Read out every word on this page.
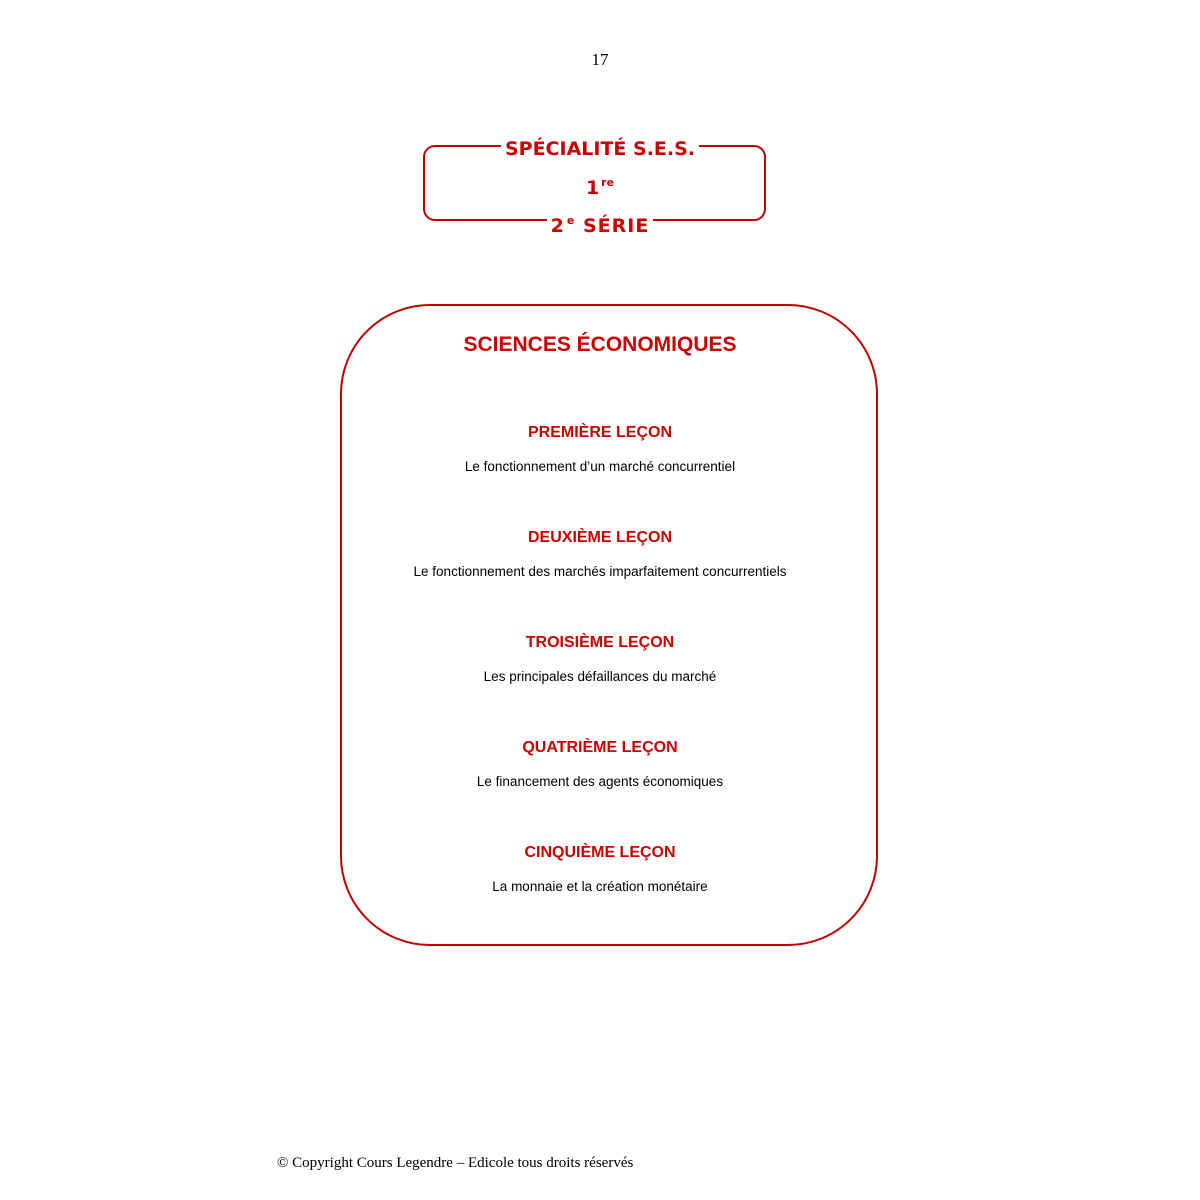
17
SPÉCIALITÉ S.E.S.
1 $^{re}$
2 $^e$ SÉRIE
SCIENCES ÉCONOMIQUES
PREMIÈRE LEÇON
Le fonctionnement d’un marché concurrentiel
DEUXIÈME LEÇON
Le fonctionnement des marchés imparfaitement concurrentiels
TROISIÈME LEÇON
Les principales défaillances du marché
QUATRIÈME LEÇON
Le financement des agents économiques
CINQUIÈME LEÇON
La monnaie et la création monétaire
© Copyright Cours Legendre – Edicole tous droits réservés
